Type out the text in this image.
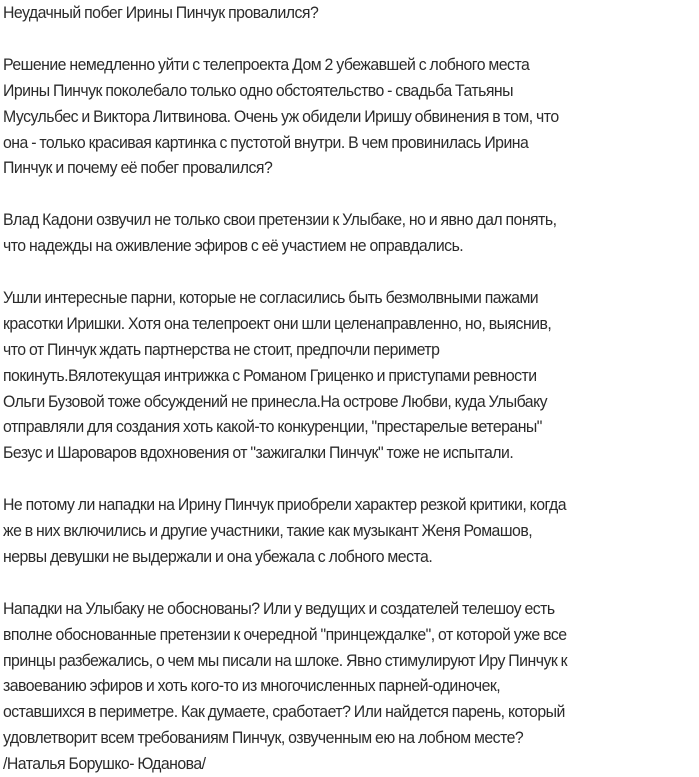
Неудачный побег Ирины Пинчук провалился?
Решение немедленно уйти с телепроекта Дом 2 убежавшей с лобного места
Ирины Пинчук поколебало только одно обстоятельство - свадьба Татьяны
Мусульбес и Виктора Литвинова. Очень уж обидели Иришу обвинения в том, что
она - только красивая картинка с пустотой внутри. В чем провинилась Ирина
Пинчук и почему её побег провалился?
Влад Кадони озвучил не только свои претензии к Улыбаке, но и явно дал понять,
что надежды на оживление эфиров с её участием не оправдались.
Ушли интересные парни, которые не согласились быть безмолвными пажами
красотки Иришки. Хотя она телепроект они шли целенаправленно, но, выяснив,
что от Пинчук ждать партнерства не стоит, предпочли периметр
покинуть.Вялотекущая интрижка с Романом Гриценко и приступами ревности
Ольги Бузовой тоже обсуждений не принесла.На острове Любви, куда Улыбаку
отправляли для создания хоть какой-то конкуренции, "престарелые ветераны"
Безус и Шароваров вдохновения от "зажигалки Пинчук" тоже не испытали.
Не потому ли нападки на Ирину Пинчук приобрели характер резкой критики, когда
же в них включились и другие участники, такие как музыкант Женя Ромашов,
нервы девушки не выдержали и она убежала с лобного места.
Нападки на Улыбаку не обоснованы? Или у ведущих и создателей телешоу есть
вполне обоснованные претензии к очередной "принцеждалке", от которой уже все
принцы разбежались, о чем мы писали на шлоке. Явно стимулируют Иру Пинчук к
завоеванию эфиров и хоть кого-то из многочисленных парней-одиночек,
оставшихся в периметре. Как думаете, сработает? Или найдется парень, который
удовлетворит всем требованиям Пинчук, озвученным ею на лобном месте?
/Наталья Борушко- Юданова/
